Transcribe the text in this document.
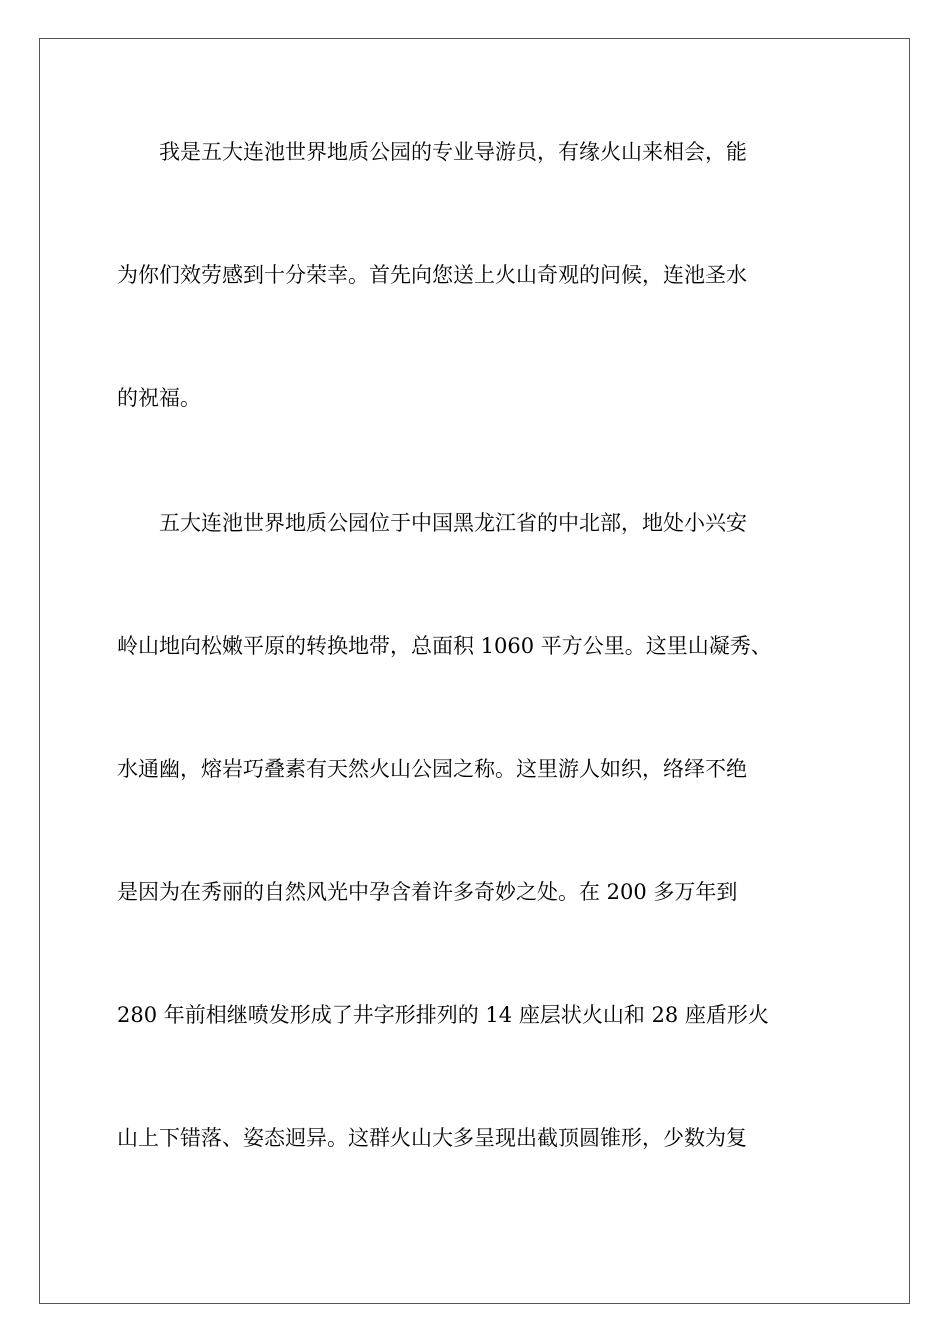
　　我是五大连池世界地质公园的专业导游员，有缘火山来相会，能
为你们效劳感到十分荣幸。首先向您送上火山奇观的问候，连池圣水
的祝福。
　　五大连池世界地质公园位于中国黑龙江省的中北部，地处小兴安
岭山地向松嫩平原的转换地带，总面积 1060 平方公里。这里山凝秀、
水通幽，熔岩巧叠素有天然火山公园之称。这里游人如织，络绎不绝
是因为在秀丽的自然风光中孕含着许多奇妙之处。在 200 多万年到
280 年前相继喷发形成了井字形排列的 14 座层状火山和 28 座盾形火
山上下错落、姿态迥异。这群火山大多呈现出截顶圆锥形，少数为复
